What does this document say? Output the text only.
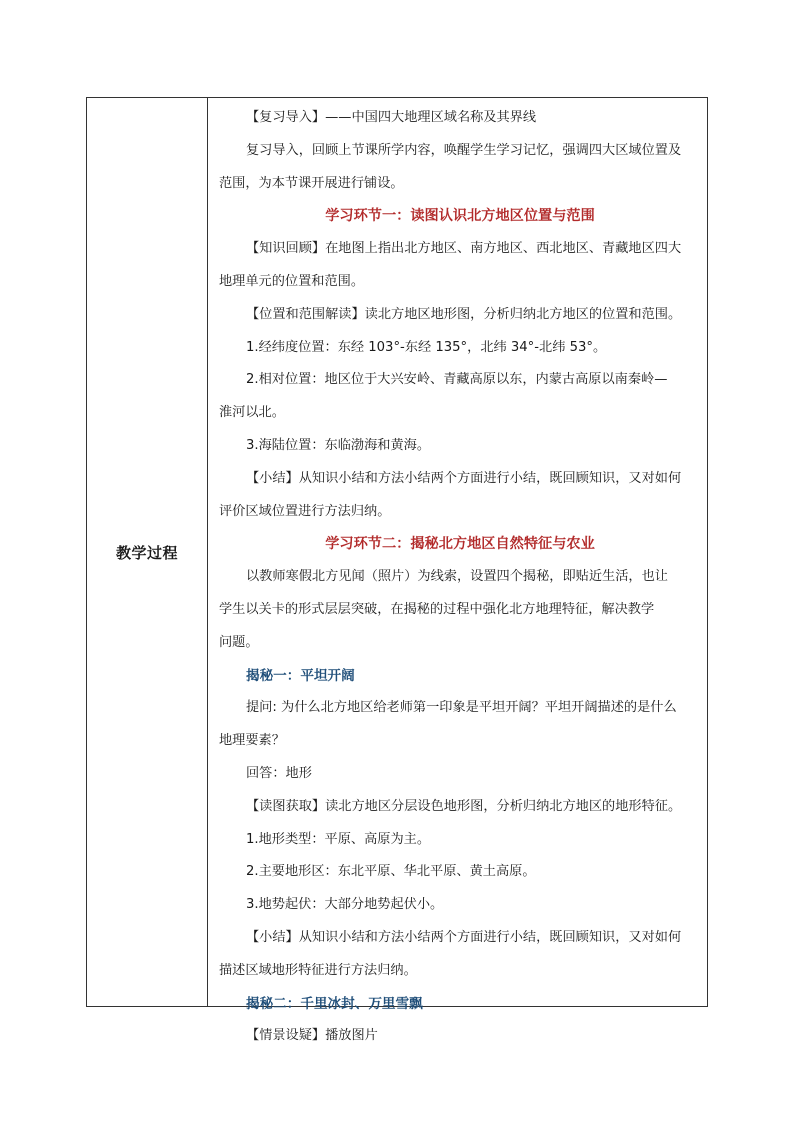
教学过程
【复习导入】——中国四大地理区域名称及其界线
复习导入，回顾上节课所学内容，唤醒学生学习记忆，强调四大区域位置及
范围，为本节课开展进行铺设。
学习环节一：读图认识北方地区位置与范围
【知识回顾】在地图上指出北方地区、南方地区、西北地区、青藏地区四大
地理单元的位置和范围。
【位置和范围解读】读北方地区地形图，分析归纳北方地区的位置和范围。
1.经纬度位置：东经 103°-东经 135°，北纬 34°-北纬 53°。
2.相对位置：地区位于大兴安岭、青藏高原以东，内蒙古高原以南秦岭—
淮河以北。
3.海陆位置：东临渤海和黄海。
【小结】从知识小结和方法小结两个方面进行小结，既回顾知识，又对如何
评价区域位置进行方法归纳。
学习环节二：揭秘北方地区自然特征与农业
以教师寒假北方见闻（照片）为线索，设置四个揭秘，即贴近生活，也让
学生以关卡的形式层层突破，在揭秘的过程中强化北方地理特征，解决教学
问题。
揭秘一：平坦开阔
提问: 为什么北方地区给老师第一印象是平坦开阔？平坦开阔描述的是什么
地理要素？
回答：地形
【读图获取】读北方地区分层设色地形图，分析归纳北方地区的地形特征。
1.地形类型：平原、高原为主。
2.主要地形区：东北平原、华北平原、黄土高原。
3.地势起伏：大部分地势起伏小。
【小结】从知识小结和方法小结两个方面进行小结，既回顾知识，又对如何
描述区域地形特征进行方法归纳。
揭秘二：千里冰封、万里雪飘
【情景设疑】播放图片
